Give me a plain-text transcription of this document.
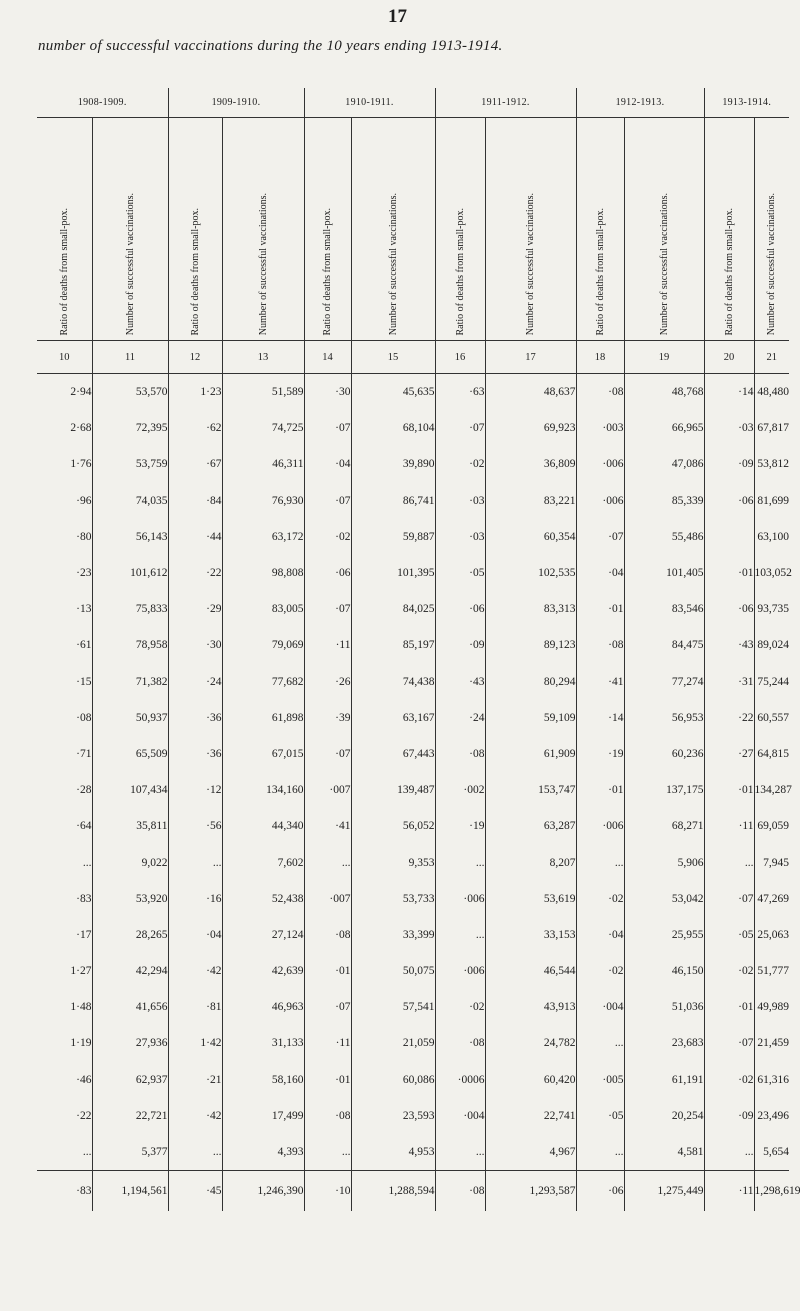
17
number of successful vaccinations during the 10 years ending 1913-1914.
1908-1909.		1909-1910.		1910-1911.		1911-1912.		1912-1913.		1913-1914.	
Ratio of deaths from small-pox.	Number of successful vaccinations.	Ratio of deaths from small-pox.	Number of successful vaccinations.	Ratio of deaths from small-pox.	Number of successful vaccinations.	Ratio of deaths from small-pox.	Number of successful vaccinations.	Ratio of deaths from small-pox.	Number of successful vaccinations.	Ratio of deaths from small-pox.	Number of successful vaccinations.
10	11	12	13	14	15	16	17	18	19	20	21
2·94	53,570	1·23	51,589	·30	45,635	·63	48,637	·08	48,768	·14	48,480
2·68	72,395	·62	74,725	·07	68,104	·07	69,923	·003	66,965	·03	67,817
1·76	53,759	·67	46,311	·04	39,890	·02	36,809	·006	47,086	·09	53,812
·96	74,035	·84	76,930	·07	86,741	·03	83,221	·006	85,339	·06	81,699
·80	56,143	·44	63,172	·02	59,887	·03	60,354	·07	55,486		63,100
·23	101,612	·22	98,808	·06	101,395	·05	102,535	·04	101,405	·01	103,052
·13	75,833	·29	83,005	·07	84,025	·06	83,313	·01	83,546	·06	93,735
·61	78,958	·30	79,069	·11	85,197	·09	89,123	·08	84,475	·43	89,024
·15	71,382	·24	77,682	·26	74,438	·43	80,294	·41	77,274	·31	75,244
·08	50,937	·36	61,898	·39	63,167	·24	59,109	·14	56,953	·22	60,557
·71	65,509	·36	67,015	·07	67,443	·08	61,909	·19	60,236	·27	64,815
·28	107,434	·12	134,160	·007	139,487	·002	153,747	·01	137,175	·01	134,287
·64	35,811	·56	44,340	·41	56,052	·19	63,287	·006	68,271	·11	69,059
...	9,022	...	7,602	...	9,353	...	8,207	...	5,906	...	7,945
·83	53,920	·16	52,438	·007	53,733	·006	53,619	·02	53,042	·07	47,269
·17	28,265	·04	27,124	·08	33,399	...	33,153	·04	25,955	·05	25,063
1·27	42,294	·42	42,639	·01	50,075	·006	46,544	·02	46,150	·02	51,777
1·48	41,656	·81	46,963	·07	57,541	·02	43,913	·004	51,036	·01	49,989
1·19	27,936	1·42	31,133	·11	21,059	·08	24,782	...	23,683	·07	21,459
·46	62,937	·21	58,160	·01	60,086	·0006	60,420	·005	61,191	·02	61,316
·22	22,721	·42	17,499	·08	23,593	·004	22,741	·05	20,254	·09	23,496
...	5,377	...	4,393	...	4,953	...	4,967	...	4,581	...	5,654
·83	1,194,561	·45	1,246,390	·10	1,288,594	·08	1,293,587	·06	1,275,449	·11	1,298,619
